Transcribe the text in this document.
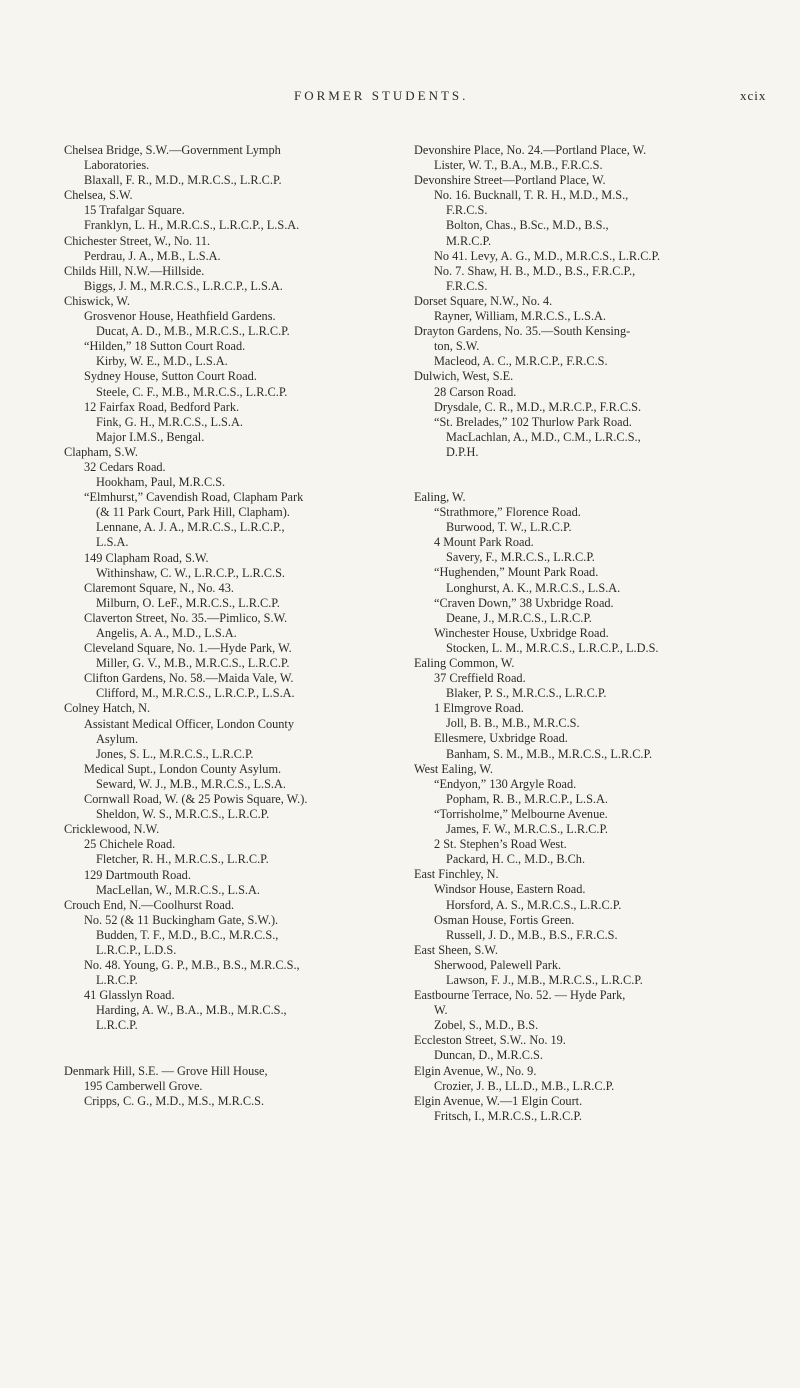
FORMER STUDENTS.	xcix
Chelsea Bridge, S.W.—Government Lymph
Laboratories.
Blaxall, F. R., M.D., M.R.C.S., L.R.C.P.
Chelsea, S.W.
15 Trafalgar Square.
Franklyn, L. H., M.R.C.S., L.R.C.P., L.S.A.
Chichester Street, W., No. 11.
Perdrau, J. A., M.B., L.S.A.
Childs Hill, N.W.—Hillside.
Biggs, J. M., M.R.C.S., L.R.C.P., L.S.A.
Chiswick, W.
Grosvenor House, Heathfield Gardens.
Ducat, A. D., M.B., M.R.C.S., L.R.C.P.
“Hilden,” 18 Sutton Court Road.
Kirby, W. E., M.D., L.S.A.
Sydney House, Sutton Court Road.
Steele, C. F., M.B., M.R.C.S., L.R.C.P.
12 Fairfax Road, Bedford Park.
Fink, G. H., M.R.C.S., L.S.A.
Major I.M.S., Bengal.
Clapham, S.W.
32 Cedars Road.
Hookham, Paul, M.R.C.S.
“Elmhurst,” Cavendish Road, Clapham Park
(& 11 Park Court, Park Hill, Clapham).
Lennane, A. J. A., M.R.C.S., L.R.C.P.,
L.S.A.
149 Clapham Road, S.W.
Withinshaw, C. W., L.R.C.P., L.R.C.S.
Claremont Square, N., No. 43.
Milburn, O. LeF., M.R.C.S., L.R.C.P.
Claverton Street, No. 35.—Pimlico, S.W.
Angelis, A. A., M.D., L.S.A.
Cleveland Square, No. 1.—Hyde Park, W.
Miller, G. V., M.B., M.R.C.S., L.R.C.P.
Clifton Gardens, No. 58.—Maida Vale, W.
Clifford, M., M.R.C.S., L.R.C.P., L.S.A.
Colney Hatch, N.
Assistant Medical Officer, London County
Asylum.
Jones, S. L., M.R.C.S., L.R.C.P.
Medical Supt., London County Asylum.
Seward, W. J., M.B., M.R.C.S., L.S.A.
Cornwall Road, W. (& 25 Powis Square, W.).
Sheldon, W. S., M.R.C.S., L.R.C.P.
Cricklewood, N.W.
25 Chichele Road.
Fletcher, R. H., M.R.C.S., L.R.C.P.
129 Dartmouth Road.
MacLellan, W., M.R.C.S., L.S.A.
Crouch End, N.—Coolhurst Road.
No. 52 (& 11 Buckingham Gate, S.W.).
Budden, T. F., M.D., B.C., M.R.C.S.,
L.R.C.P., L.D.S.
No. 48. Young, G. P., M.B., B.S., M.R.C.S.,
L.R.C.P.
41 Glasslyn Road.
Harding, A. W., B.A., M.B., M.R.C.S.,
L.R.C.P.
Denmark Hill, S.E. — Grove Hill House,
195 Camberwell Grove.
Cripps, C. G., M.D., M.S., M.R.C.S.
Devonshire Place, No. 24.—Portland Place, W.
Lister, W. T., B.A., M.B., F.R.C.S.
Devonshire Street—Portland Place, W.
No. 16. Bucknall, T. R. H., M.D., M.S.,
F.R.C.S.
Bolton, Chas., B.Sc., M.D., B.S.,
M.R.C.P.
No 41. Levy, A. G., M.D., M.R.C.S., L.R.C.P.
No. 7. Shaw, H. B., M.D., B.S., F.R.C.P.,
F.R.C.S.
Dorset Square, N.W., No. 4.
Rayner, William, M.R.C.S., L.S.A.
Drayton Gardens, No. 35.—South Kensing-
ton, S.W.
Macleod, A. C., M.R.C.P., F.R.C.S.
Dulwich, West, S.E.
28 Carson Road.
Drysdale, C. R., M.D., M.R.C.P., F.R.C.S.
“St. Brelades,” 102 Thurlow Park Road.
MacLachlan, A., M.D., C.M., L.R.C.S.,
D.P.H.
Ealing, W.
“Strathmore,” Florence Road.
Burwood, T. W., L.R.C.P.
4 Mount Park Road.
Savery, F., M.R.C.S., L.R.C.P.
“Hughenden,” Mount Park Road.
Longhurst, A. K., M.R.C.S., L.S.A.
“Craven Down,” 38 Uxbridge Road.
Deane, J., M.R.C.S., L.R.C.P.
Winchester House, Uxbridge Road.
Stocken, L. M., M.R.C.S., L.R.C.P., L.D.S.
Ealing Common, W.
37 Creffield Road.
Blaker, P. S., M.R.C.S., L.R.C.P.
1 Elmgrove Road.
Joll, B. B., M.B., M.R.C.S.
Ellesmere, Uxbridge Road.
Banham, S. M., M.B., M.R.C.S., L.R.C.P.
West Ealing, W.
“Endyon,” 130 Argyle Road.
Popham, R. B., M.R.C.P., L.S.A.
“Torrisholme,” Melbourne Avenue.
James, F. W., M.R.C.S., L.R.C.P.
2 St. Stephen’s Road West.
Packard, H. C., M.D., B.Ch.
East Finchley, N.
Windsor House, Eastern Road.
Horsford, A. S., M.R.C.S., L.R.C.P.
Osman House, Fortis Green.
Russell, J. D., M.B., B.S., F.R.C.S.
East Sheen, S.W.
Sherwood, Palewell Park.
Lawson, F. J., M.B., M.R.C.S., L.R.C.P.
Eastbourne Terrace, No. 52. — Hyde Park,
W.
Zobel, S., M.D., B.S.
Eccleston Street, S.W.. No. 19.
Duncan, D., M.R.C.S.
Elgin Avenue, W., No. 9.
Crozier, J. B., LL.D., M.B., L.R.C.P.
Elgin Avenue, W.—1 Elgin Court.
Fritsch, I., M.R.C.S., L.R.C.P.
